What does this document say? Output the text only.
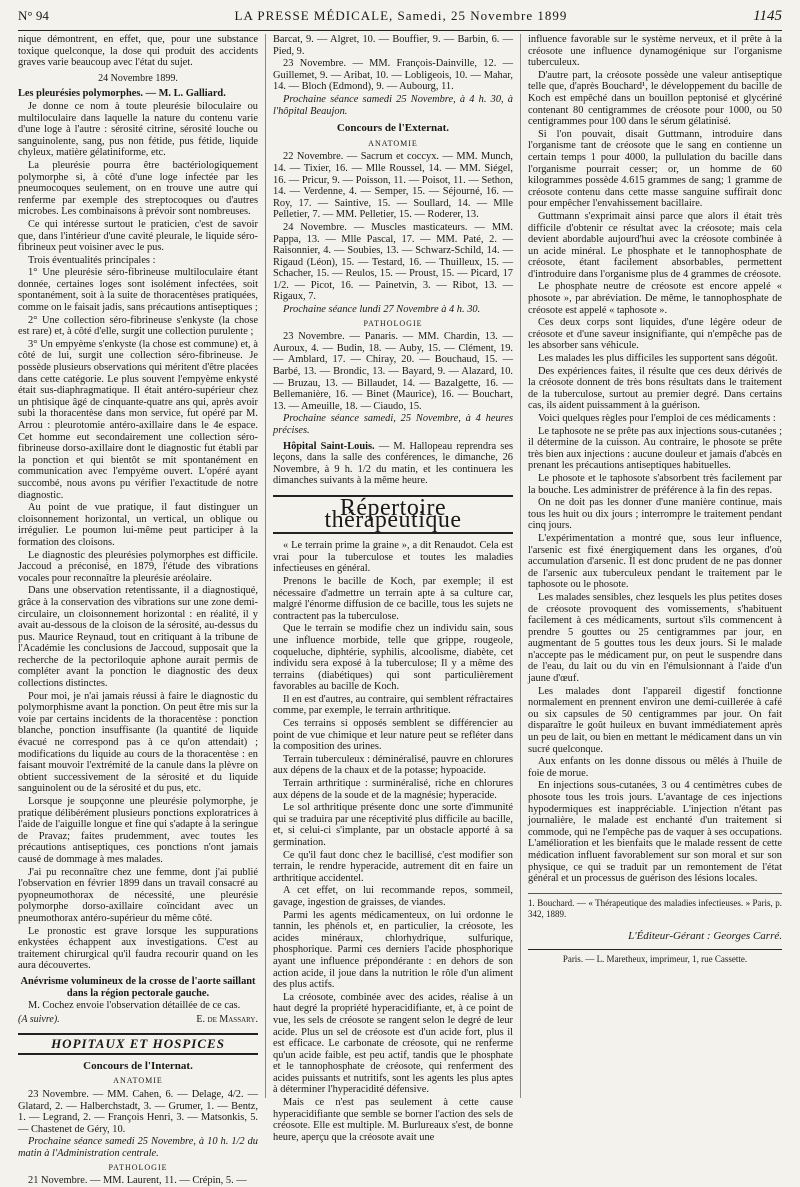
N° 94	LA PRESSE MÉDICALE, Samedi, 25 Novembre 1899	1145

nique démontrent, en effet, que, pour une substance toxique quelconque, la dose qui produit des accidents graves varie beaucoup avec l'état du sujet.

24 Novembre 1899.

Les pleurésies polymorphes. — M. L. Galliard.

Je donne ce nom à toute pleurésie biloculaire ou multiloculaire dans laquelle la nature du contenu varie d'une loge à l'autre : sérosité citrine, sérosité louche ou sanguinolente, sang, pus non fétide, pus fétide, liquide chyleux, matière gélatiniforme, etc.

La pleurésie pourra être bactériologiquement polymorphe si, à côté d'une loge infectée par les pneumocoques seulement, on en trouve une autre qui renferme par exemple des streptocoques ou d'autres microbes. Les combinaisons à prévoir sont nombreuses.

Ce qui intéresse surtout le praticien, c'est de savoir que, dans l'intérieur d'une cavité pleurale, le liquide séro-fibrineux peut voisiner avec le pus.

Trois éventualités principales :

1° Une pleurésie séro-fibrineuse multiloculaire étant donnée, certaines loges sont isolément infectées, soit spontanément, soit à la suite de thoracentèses pratiquées, comme on le faisait jadis, sans précautions antiseptiques ;

2° Une collection séro-fibrineuse s'enkyste (la chose est rare) et, à côté d'elle, surgit une collection purulente ;

3° Un empyème s'enkyste (la chose est commune) et, à côté de lui, surgit une collection séro-fibrineuse. Je possède plusieurs observations qui méritent d'être placées dans cette catégorie. Le plus souvent l'empyème enkysté était sus-diaphragmatique. Il était antéro-supérieur chez un phtisique âgé de cinquante-quatre ans qui, après avoir subi la thoracentèse dans mon service, fut opéré par M. Arrou : pleurotomie antéro-axillaire dans le 4e espace. Cet homme eut secondairement une collection séro-fibrineuse dorso-axillaire dont le diagnostic fut établi par la ponction et qui bientôt se mit spontanément en communication avec l'empyème ouvert. L'opéré ayant succombé, nous avons pu vérifier l'exactitude de notre diagnostic.

Au point de vue pratique, il faut distinguer un cloisonnement horizontal, un vertical, un oblique ou irrégulier. Le poumon lui-même peut participer à la formation des cloisons.

Le diagnostic des pleurésies polymorphes est difficile. Jaccoud a préconisé, en 1879, l'étude des vibrations vocales pour reconnaître la pleurésie aréolaire.

Dans une observation retentissante, il a diagnostiqué, grâce à la conservation des vibrations sur une zone demi-circulaire, un cloisonnement horizontal : en réalité, il y avait au-dessous de la cloison de la sérosité, au-dessus du pus. Maurice Reynaud, tout en critiquant à la tribune de l'Académie les conclusions de Jaccoud, supposait que la recherche de la pectoriloquie aphone aurait permis de compléter avant la ponction le diagnostic des deux collections distinctes.

Pour moi, je n'ai jamais réussi à faire le diagnostic du polymorphisme avant la ponction. On peut être mis sur la voie par certains incidents de la thoracentèse : ponction blanche, ponction insuffisante (la quantité de liquide évacué ne correspond pas à ce qu'on attendait) ; modifications du liquide au cours de la thoracentèse : en faisant mouvoir l'extrémité de la canule dans la plèvre on obtient successivement de la sérosité et du liquide sanguinolent ou de la sérosité et du pus, etc.

Lorsque je soupçonne une pleurésie polymorphe, je pratique délibérément plusieurs ponctions exploratrices à l'aide de l'aiguille longue et fine qui s'adapte à la seringue de Pravaz; faites prudemment, avec toutes les précautions antiseptiques, ces ponctions n'ont jamais causé de dommage à mes malades.

J'ai pu reconnaître chez une femme, dont j'ai publié l'observation en février 1899 dans un travail consacré au pyopneumothorax de nécessité, une pleurésie polymorphe dorso-axillaire coïncidant avec un pneumothorax antéro-supérieur du même côté.

Le pronostic est grave lorsque les suppurations enkystées échappent aux investigations. C'est au traitement chirurgical qu'il faudra recourir quand on les aura découvertes.

Anévrisme volumineux de la crosse de l'aorte saillant dans la région pectorale gauche.

M. Cochez envoie l'observation détaillée de ce cas.

(A suivre).	E. de Massary.
HOPITAUX ET HOSPICES
Concours de l'Internat.
ANATOMIE

23 Novembre. — MM. Cahen, 6. — Delage, 4/2. — Glatard, 2. — Halberchstadt, 3. — Grumer, 1. — Bentz, 1. — Legrand, 2. — François Henri, 3. — Matsonkis, 5. — Chastenet de Géry, 10.

Prochaine séance samedi 25 Novembre, à 10 h. 1/2 du matin à l'Administration centrale.

PATHOLOGIE

21 Novembre. — MM. Laurent, 11. — Crépin, 5. —

Barcat, 9. — Algret, 10. — Bouffier, 9. — Barbin, 6. — Pied, 9.

23 Novembre. — MM. François-Dainville, 12. — Guillemet, 9. — Aribat, 10. — Lobligeois, 10. — Mahar, 14. — Bloch (Edmond), 9. — Aubourg, 11.

Prochaine séance samedi 25 Novembre, à 4 h. 30, à l'hôpital Beaujon.

Concours de l'Externat.
ANATOMIE

22 Novembre. — Sacrum et coccyx. — MM. Munch, 14. — Tixier, 16. — Mlle Roussel, 14. — MM. Siégel, 16. — Pricur, 9. — Poisson, 11. — Poisot, 11. — Sethon, 14. — Verdenne, 4. — Semper, 15. — Séjourné, 16. — Roy, 17. — Saintive, 15. — Soullard, 14. — Mlle Pelletier, 7. — MM. Pelletier, 15. — Roderer, 13.

24 Novembre. — Muscles masticateurs. — MM. Pappa, 13. — Mlle Pascal, 17. — MM. Paté, 2. — Raisonnier, 4. — Soubies, 13. — Schwarz-Schild, 14. — Rigaud (Léon), 15. — Testard, 16. — Thuilleux, 15. — Schacher, 15. — Reulos, 15. — Proust, 15. — Picard, 17 1/2. — Picot, 16. — Painetvin, 3. — Ribot, 13. — Rigaux, 7.

Prochaine séance lundi 27 Novembre à 4 h. 30.

PATHOLOGIE

23 Novembre. — Panaris. — MM. Chardin, 13. — Auroux, 4. — Budin, 18. — Auby, 15. — Clément, 19. — Amblard, 17. — Chiray, 20. — Bouchaud, 15. — Barbé, 13. — Brondic, 13. — Bayard, 9. — Alazard, 10. — Bruzau, 13. — Billaudet, 14. — Bazalgette, 16. — Bellemanière, 16. — Binet (Maurice), 16. — Bouchart, 13. — Ameuille, 18. — Ciaudo, 15.

Prochaine séance samedi, 25 Novembre, à 4 heures précises.

Hôpital Saint-Louis. — M. Hallopeau reprendra ses leçons, dans la salle des conférences, le dimanche, 26 Novembre, à 9 h. 1/2 du matin, et les continuera les dimanches suivants à la même heure.

Répertoire thérapeutique

« Le terrain prime la graine », a dit Renaudot. Cela est vrai pour la tuberculose et toutes les maladies infectieuses en général.

Prenons le bacille de Koch, par exemple; il est nécessaire d'admettre un terrain apte à sa culture car, malgré l'énorme diffusion de ce bacille, tous les sujets ne contractent pas la tuberculose.

Que le terrain se modifie chez un individu sain, sous une influence morbide, telle que grippe, rougeole, coqueluche, diphtérie, syphilis, alcoolisme, diabète, cet individu sera exposé à la tuberculose; Il y a même des terrains (diabétiques) qui sont particulièrement favorables au bacille de Koch.

Il en est d'autres, au contraire, qui semblent réfractaires comme, par exemple, le terrain arthritique.

Ces terrains si opposés semblent se différencier au point de vue chimique et leur nature peut se refléter dans la composition des urines.

Terrain tuberculeux : déminéralisé, pauvre en chlorures aux dépens de la chaux et de la potasse; hypoacide.

Terrain arthritique : surminéralisé, riche en chlorures aux dépens de la soude et de la magnésie; hyperacide.

Le sol arthritique présente donc une sorte d'immunité qui se traduira par une réceptivité plus difficile au bacille, et, si celui-ci s'implante, par un obstacle apporté à sa germination.

Ce qu'il faut donc chez le bacillisé, c'est modifier son terrain, le rendre hyperacide, autrement dit en faire un arthritique accidentel.

A cet effet, on lui recommande repos, sommeil, gavage, ingestion de graisses, de viandes.

Parmi les agents médicamenteux, on lui ordonne le tannin, les phénols et, en particulier, la créosote, les acides minéraux, chlorhydrique, sulfurique, phosphorique. Parmi ces derniers l'acide phosphorique ayant une influence prépondérante : en dehors de son action acide, il joue dans la nutrition le rôle d'un aliment des plus actifs.

La créosote, combinée avec des acides, réalise à un haut degré la propriété hyperacidifiante, et, à ce point de vue, les sels de créosote se rangent selon le degré de leur acide. Plus un sel de créosote est d'un acide fort, plus il est efficace. Le carbonate de créosote, qui ne renferme qu'un acide faible, est peu actif, tandis que le phosphate et le tannophosphate de créosote, qui renferment des acides puissants et nutritifs, sont les agents les plus aptes à déterminer l'hyperacidité défensive.

Mais ce n'est pas seulement à cette cause hyperacidifiante que semble se borner l'action des sels de créosote. Elle est multiple. M. Burlureaux s'est, de bonne heure, aperçu que la créosote avait une

influence favorable sur le système nerveux, et il prête à la créosote une influence dynamogénique sur l'organisme tuberculeux.

D'autre part, la créosote possède une valeur antiseptique telle que, d'après Bouchard¹, le développement du bacille de Koch est empêché dans un bouillon peptonisé et glycériné contenant 80 centigrammes de créosote pour 1000, ou 50 centigrammes pour 100 dans le sérum gélatinisé.

Si l'on pouvait, disait Guttmann, introduire dans l'organisme tant de créosote que le sang en contienne un certain temps 1 pour 4000, la pullulation du bacille dans l'organisme pourrait cesser; or, un homme de 60 kilogrammes possède 4.615 grammes de sang; 1 gramme de créosote contenu dans cette masse sanguine suffirait donc pour empêcher l'envahissement bacillaire.

Guttmann s'exprimait ainsi parce que alors il était très difficile d'obtenir ce résultat avec la créosote; mais cela devient abordable aujourd'hui avec la créosote combinée à un acide minéral. Le phosphate et le tannophosphate de créosote, étant facilement absorbables, permettent d'introduire dans l'organisme plus de 4 grammes de créosote.

Le phosphate neutre de créosote est encore appelé « phosote », par abréviation. De même, le tannophosphate de créosote est appelé « taphosote ».

Ces deux corps sont liquides, d'une légère odeur de créosote et d'une saveur insignifiante, qui n'empêche pas de les absorber sans véhicule.

Les malades les plus difficiles les supportent sans dégoût.

Des expériences faites, il résulte que ces deux dérivés de la créosote donnent de très bons résultats dans le traitement de la tuberculose, surtout au premier degré. Dans certains cas, ils aident puissamment à la guérison.

Voici quelques règles pour l'emploi de ces médicaments :

Le taphosote ne se prête pas aux injections sous-cutanées ; il détermine de la cuisson. Au contraire, le phosote se prête très bien aux injections : aucune douleur et jamais d'abcès en prenant les précautions antiseptiques habituelles.

Le phosote et le taphosote s'absorbent très facilement par la bouche. Les administrer de préférence à la fin des repas.

On ne doit pas les donner d'une manière continue, mais tous les huit ou dix jours ; interrompre le traitement pendant cinq jours.

L'expérimentation a montré que, sous leur influence, l'arsenic est fixé énergiquement dans les organes, d'où accumulation d'arsenic. Il est donc prudent de ne pas donner de l'arsenic aux tuberculeux pendant le traitement par le taphosote ou le phosote.

Les malades sensibles, chez lesquels les plus petites doses de créosote provoquent des vomissements, s'habituent facilement à ces médicaments, surtout s'ils commencent à prendre 5 gouttes ou 25 centigrammes par jour, en augmentant de 5 gouttes tous les deux jours. Si le malade n'accepte pas le médicament pur, on peut le suspendre dans de l'eau, du lait ou du vin en l'émulsionnant à l'aide d'un jaune d'œuf.

Les malades dont l'appareil digestif fonctionne normalement en prennent environ une demi-cuillerée à café ou six capsules de 50 centigrammes par jour. On fait disparaître le goût huileux en buvant immédiatement après un peu de lait, ou bien en mettant le médicament dans un vin sucré quelconque.

Aux enfants on les donne dissous ou mêlés à l'huile de foie de morue.

En injections sous-cutanées, 3 ou 4 centimètres cubes de phosote tous les trois jours. L'avantage de ces injections hypodermiques est inappréciable. L'injection n'étant pas journalière, le malade est enchanté d'un traitement si commode, qui ne l'empêche pas de vaquer à ses occupations. L'amélioration et les bienfaits que le malade ressent de cette médication influent favorablement sur son moral et sur son physique, ce qui se traduit par un remontement de l'état général et un processus de guérison des lésions locales.

1. Bouchard. — « Thérapeutique des maladies infectieuses. » Paris, p. 342, 1889.
L'Éditeur-Gérant : Georges Carré.
Paris. — L. Maretheux, imprimeur, 1, rue Cassette.
